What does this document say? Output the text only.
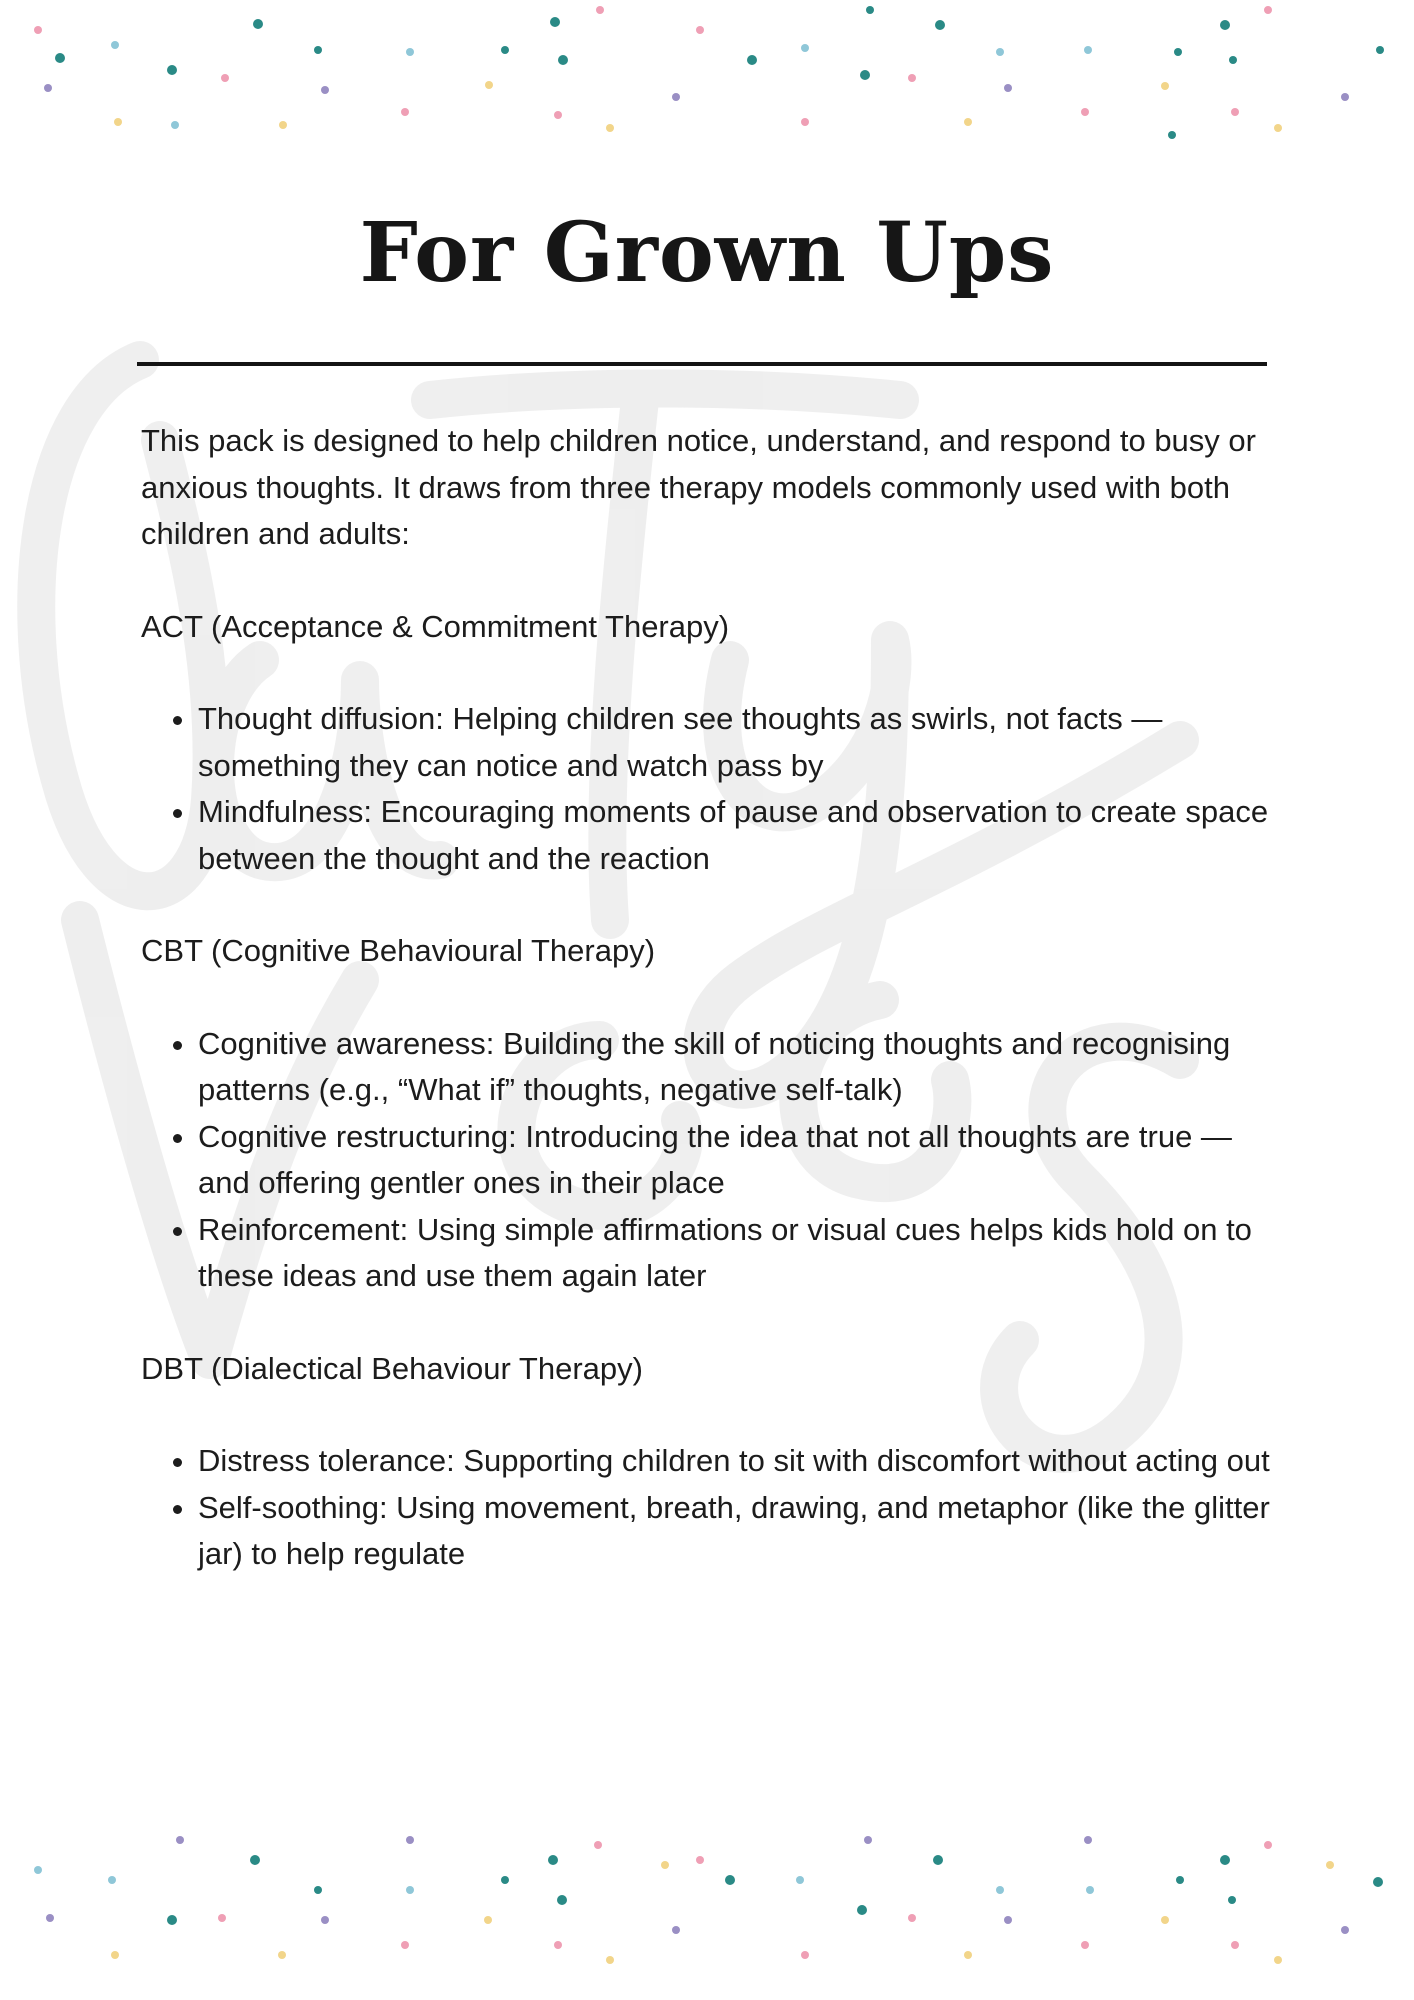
For Grown Ups

This pack is designed to help children notice, understand, and respond to busy or anxious thoughts. It draws from three therapy models commonly used with both children and adults:

ACT (Acceptance & Commitment Therapy)

• Thought diffusion: Helping children see thoughts as swirls, not facts — something they can notice and watch pass by
• Mindfulness: Encouraging moments of pause and observation to create space between the thought and the reaction

CBT (Cognitive Behavioural Therapy)

• Cognitive awareness: Building the skill of noticing thoughts and recognising patterns (e.g., “What if” thoughts, negative self-talk)
• Cognitive restructuring: Introducing the idea that not all thoughts are true — and offering gentler ones in their place
• Reinforcement: Using simple affirmations or visual cues helps kids hold on to these ideas and use them again later

DBT (Dialectical Behaviour Therapy)

• Distress tolerance: Supporting children to sit with discomfort without acting out
• Self-soothing: Using movement, breath, drawing, and metaphor (like the glitter jar) to help regulate
